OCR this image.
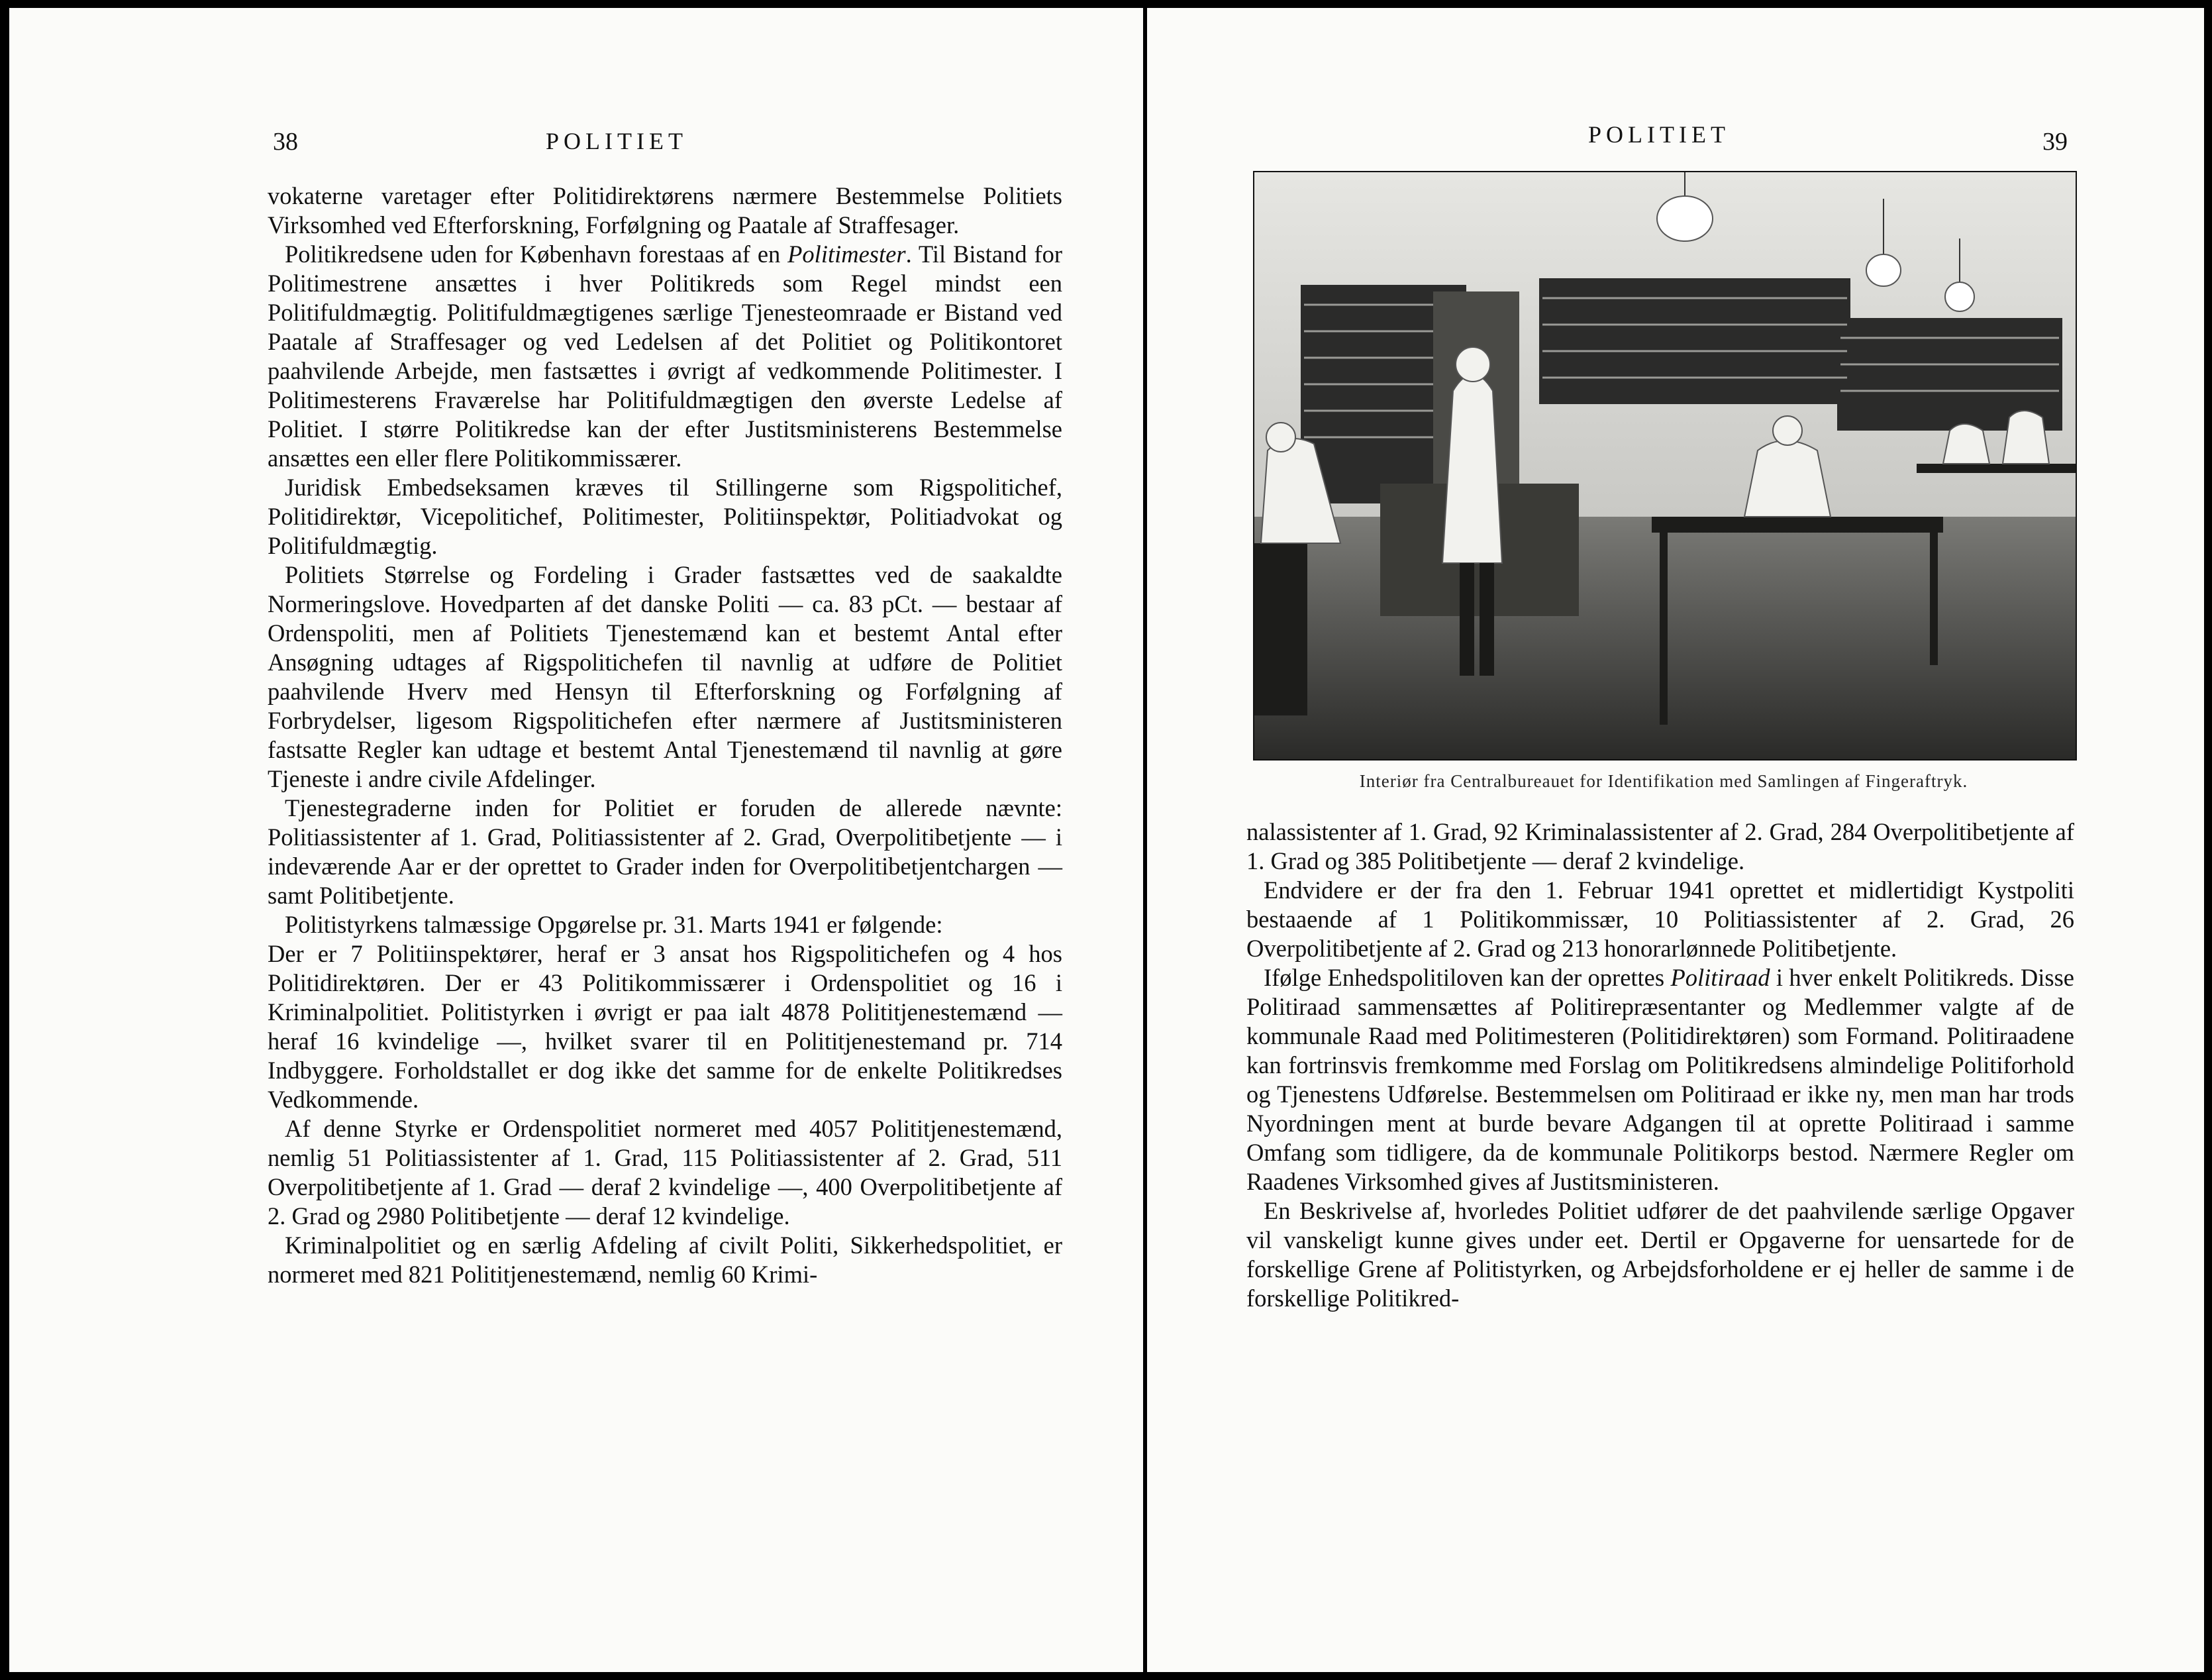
38	POLITIET

vokaterne varetager efter Politidirektørens nærmere Bestemmelse Politiets Virksomhed ved Efterforskning, Forfølgning og Paatale af Straffesager.

Politikredsene uden for København forestaas af en Politimester. Til Bistand for Politimestrene ansættes i hver Politikreds som Regel mindst een Politifuldmægtig. Politifuldmægtigenes særlige Tjenesteomraade er Bistand ved Paatale af Straffesager og ved Ledelsen af det Politiet og Politikontoret paahvilende Arbejde, men fastsættes i øvrigt af vedkommende Politimester. I Politimesterens Fraværelse har Politifuldmægtigen den øverste Ledelse af Politiet. I større Politikredse kan der efter Justitsministerens Bestemmelse ansættes een eller flere Politikommissærer.

Juridisk Embedseksamen kræves til Stillingerne som Rigspolitichef, Politidirektør, Vicepolitichef, Politimester, Politiinspektør, Politiadvokat og Politifuldmægtig.

Politiets Størrelse og Fordeling i Grader fastsættes ved de saakaldte Normeringslove. Hovedparten af det danske Politi — ca. 83 pCt. — bestaar af Ordenspoliti, men af Politiets Tjenestemænd kan et bestemt Antal efter Ansøgning udtages af Rigspolitichefen til navnlig at udføre de Politiet paahvilende Hverv med Hensyn til Efterforskning og Forfølgning af Forbrydelser, ligesom Rigspolitichefen efter nærmere af Justitsministeren fastsatte Regler kan udtage et bestemt Antal Tjenestemænd til navnlig at gøre Tjeneste i andre civile Afdelinger.

Tjenestegraderne inden for Politiet er foruden de allerede nævnte: Politiassistenter af 1. Grad, Politiassistenter af 2. Grad, Overpolitibetjente — i indeværende Aar er der oprettet to Grader inden for Overpolitibetjentchargen — samt Politibetjente.

Politistyrkens talmæssige Opgørelse pr. 31. Marts 1941 er følgende:

Der er 7 Politiinspektører, heraf er 3 ansat hos Rigspolitichefen og 4 hos Politidirektøren. Der er 43 Politikommissærer i Ordenspolitiet og 16 i Kriminalpolitiet. Politistyrken i øvrigt er paa ialt 4878 Polititjenestemænd — heraf 16 kvindelige —, hvilket svarer til en Polititjenestemand pr. 714 Indbyggere. Forholdstallet er dog ikke det samme for de enkelte Politikredses Vedkommende.

Af denne Styrke er Ordenspolitiet normeret med 4057 Polititjenestemænd, nemlig 51 Politiassistenter af 1. Grad, 115 Politiassistenter af 2. Grad, 511 Overpolitibetjente af 1. Grad — deraf 2 kvindelige —, 400 Overpolitibetjente af 2. Grad og 2980 Politibetjente — deraf 12 kvindelige.

Kriminalpolitiet og en særlig Afdeling af civilt Politi, Sikkerhedspolitiet, er normeret med 821 Polititjenestemænd, nemlig 60 Krimi-

POLITIET	39
Interiør fra Centralbureauet for Identifikation med Samlingen af Fingeraftryk.

nalassistenter af 1. Grad, 92 Kriminalassistenter af 2. Grad, 284 Overpolitibetjente af 1. Grad og 385 Politibetjente — deraf 2 kvindelige.

Endvidere er der fra den 1. Februar 1941 oprettet et midlertidigt Kystpoliti bestaaende af 1 Politikommissær, 10 Politiassistenter af 2. Grad, 26 Overpolitibetjente af 2. Grad og 213 honorarlønnede Politibetjente.

Ifølge Enhedspolitiloven kan der oprettes Politiraad i hver enkelt Politikreds. Disse Politiraad sammensættes af Politirepræsentanter og Medlemmer valgte af de kommunale Raad med Politimesteren (Politidirektøren) som Formand. Politiraadene kan fortrinsvis fremkomme med Forslag om Politikredsens almindelige Politiforhold og Tjenestens Udførelse. Bestemmelsen om Politiraad er ikke ny, men man har trods Nyordningen ment at burde bevare Adgangen til at oprette Politiraad i samme Omfang som tidligere, da de kommunale Politikorps bestod. Nærmere Regler om Raadenes Virksomhed gives af Justitsministeren.

En Beskrivelse af, hvorledes Politiet udfører de det paahvilende særlige Opgaver vil vanskeligt kunne gives under eet. Dertil er Opgaverne for uensartede for de forskellige Grene af Politistyrken, og Arbejdsforholdene er ej heller de samme i de forskellige Politikred-
